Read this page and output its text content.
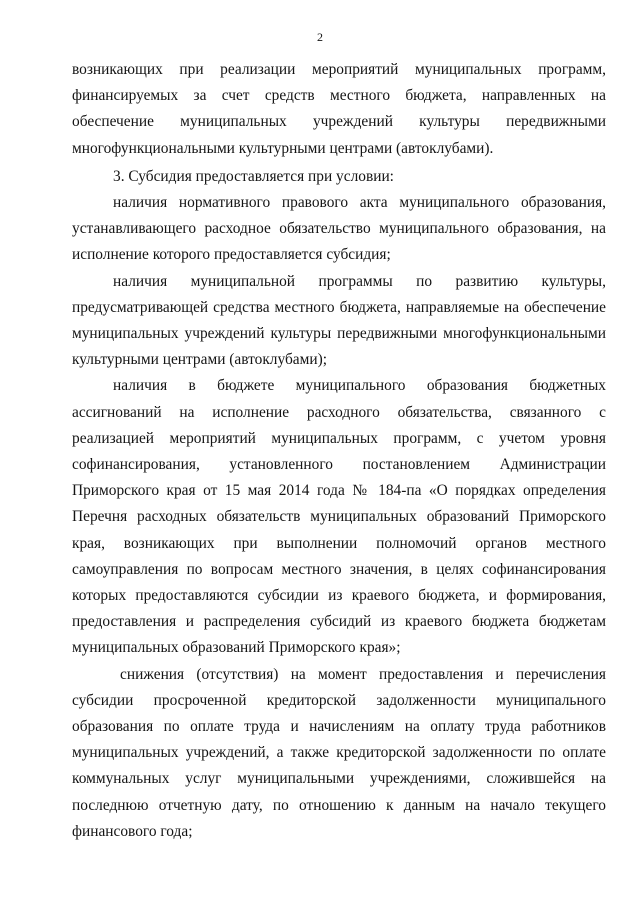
2

возникающих при реализации мероприятий муниципальных программ, финансируемых за счет средств местного бюджета, направленных на обеспечение муниципальных учреждений культуры передвижными многофункциональными культурными центрами (автоклубами).

3. Субсидия предоставляется при условии:

наличия нормативного правового акта муниципального образования, устанавливающего расходное обязательство муниципального образования, на исполнение которого предоставляется субсидия;

наличия муниципальной программы по развитию культуры, предусматривающей средства местного бюджета, направляемые на обеспечение муниципальных учреждений культуры передвижными многофункциональными культурными центрами (автоклубами);

наличия в бюджете муниципального образования бюджетных ассигнований на исполнение расходного обязательства, связанного с реализацией мероприятий муниципальных программ, с учетом уровня софинансирования, установленного постановлением Администрации Приморского края от 15 мая 2014 года № 184-па «О порядках определения Перечня расходных обязательств муниципальных образований Приморского края, возникающих при выполнении полномочий органов местного самоуправления по вопросам местного значения, в целях софинансирования которых предоставляются субсидии из краевого бюджета, и формирования, предоставления и распределения субсидий из краевого бюджета бюджетам муниципальных образований Приморского края»;

снижения (отсутствия) на момент предоставления и перечисления субсидии просроченной кредиторской задолженности муниципального образования по оплате труда и начислениям на оплату труда работников муниципальных учреждений, а также кредиторской задолженности по оплате коммунальных услуг муниципальными учреждениями, сложившейся на последнюю отчетную дату, по отношению к данным на начало текущего финансового года;
